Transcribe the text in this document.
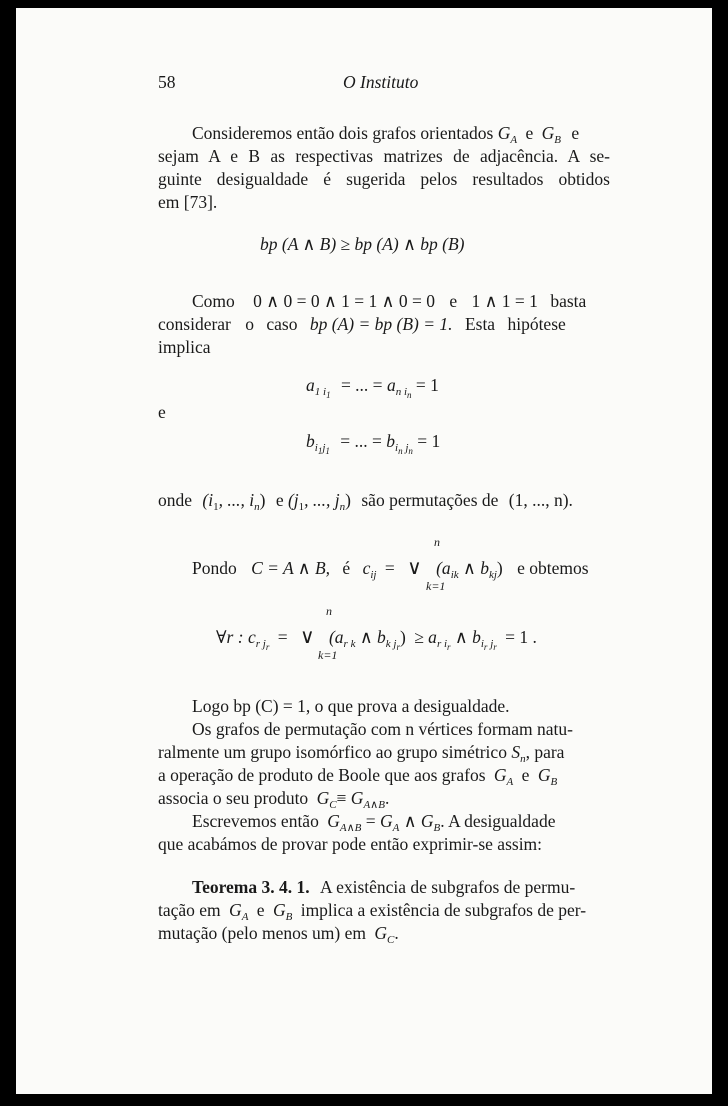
58	O Instituto
Consideremos então dois grafos orientados $G_A$ e $G_B$ e
sejam A e B as respectivas matrizes de adjacência. A se-
guinte desigualdade é sugerida pelos resultados obtidos
em [73].
bp (A ∧ B) ≥ bp (A) ∧ bp (B)
Como 0 ∧ 0 = 0 ∧ 1 = 1 ∧ 0 = 0 e 1 ∧ 1 = 1 basta
considerar o caso bp (A) = bp (B) = 1. Esta hipótese
implica
$a_{1 i_1}$ = ... = $a_{n i_n} = 1$
e
$b_{i_1j_1}$ = ... = $b_{i_n j_n} = 1$
onde ($i_1$, ..., $i_n$) e ($j_1$, ..., $j_n$) são permutações de (1, ..., n).
n
Pondo C = A ∧ B, é $c_{ij}$ = ∨ ($a_{ik}$ ∧ $b_{kj}$) e obtemos
k=1
n
∀r : $c_{r j_r}$ = ∨ ($a_{r k}$ ∧ $b_{k j_r}) \ge a_{r i_r}$ ∧ $b_{i_r j_r} = 1$ .
k=1
Logo bp (C) = 1, o que prova a desigualdade.
Os grafos de permutação com n vértices formam natu-
ralmente um grupo isomórfico ao grupo simétrico $S_n$, para
a operação de produto de Boole que aos grafos $G_A$ e $G_B$
associa o seu produto $G_C\equiv G_{A\wedge B}$.
Escrevemos então $G_{A\wedge B} = G_A$ ∧ $G_B$. A desigualdade
que acabámos de provar pode então exprimir-se assim:
Teorema 3. 4. 1. A existência de subgrafos de permu-
tação em $G_A$ e $G_B$ implica a existência de subgrafos de per-
mutação (pelo menos um) em $G_C$.
